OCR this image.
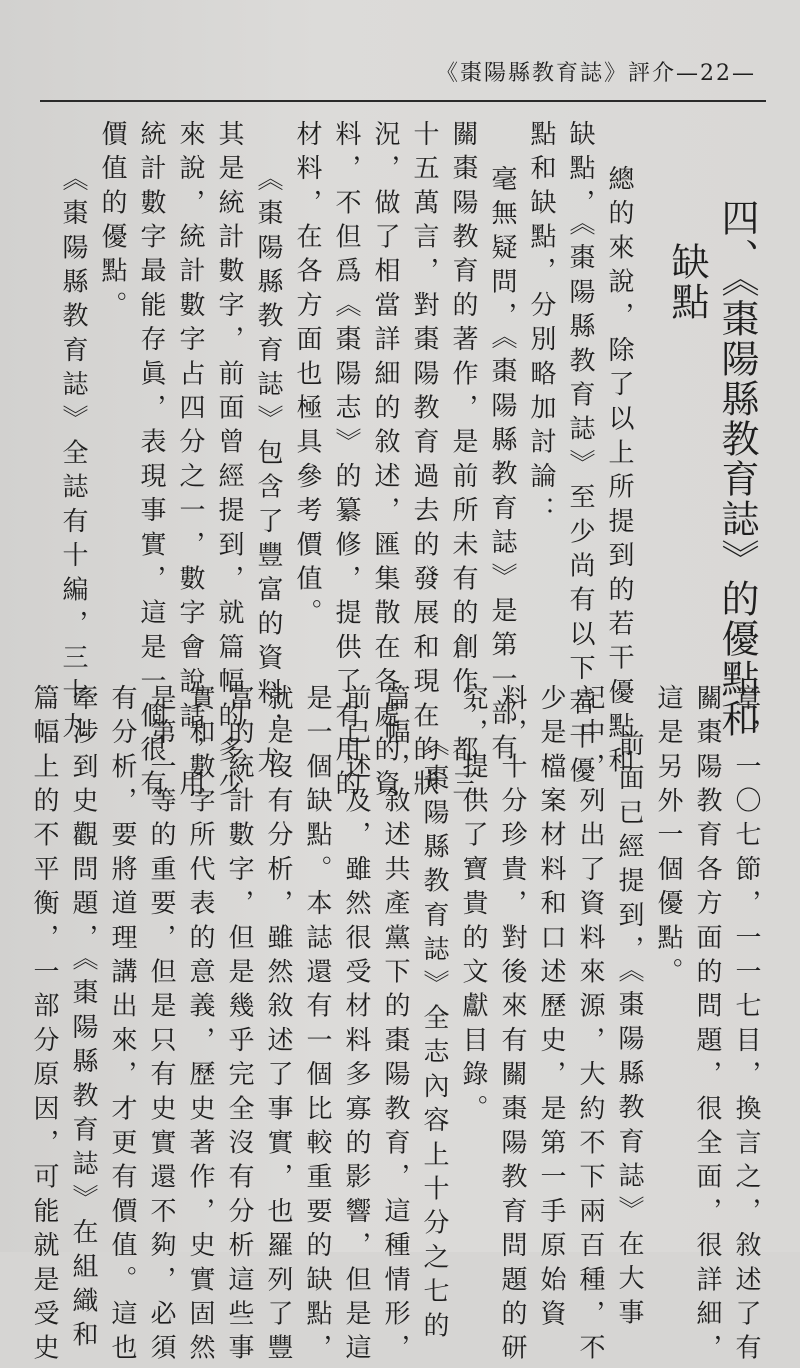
《棗陽縣教育誌》評介—22—
四、《棗陽縣教育誌》的優點和
缺點
總的來說，除了以上所提到的若干優點和
缺點，《棗陽縣教育誌》至少尚有以下若干優
點和缺點，分別略加討論：
毫無疑問，《棗陽縣教育誌》是第一部有
關棗陽教育的著作，是前所未有的創作，都三
十五萬言，對棗陽教育過去的發展和現在的狀
況，做了相當詳細的敘述，匯集散在各處的資
料，不但爲《棗陽志》的纂修，提供了有用的
材料，在各方面也極具參考價值。
《棗陽縣教育誌》包含了豐富的資料，尤
其是統計數字，前面曾經提到，就篇幅的多少
來說，統計數字占四分之一，數字會說話，用
統計數字最能存眞，表現事實，這是一個很有
價值的優點。
《棗陽縣教育誌》全誌有十編，三十九
章，一〇七節，一一七目，換言之，敘述了有
關棗陽教育各方面的問題，很全面，很詳細，
這是另外一個優點。
前面已經提到，《棗陽縣教育誌》在大事
記中，列出了資料來源，大約不下兩百種，不
少是檔案材料和口述歷史，是第一手原始資
料，十分珍貴，對後來有關棗陽教育問題的研
究，提供了寶貴的文獻目錄。
《棗陽縣教育誌》全志內容上十分之七的
篇幅，敘述共產黨下的棗陽教育，這種情形，
前已述及，雖然很受材料多寡的影響，但是這
是一個缺點。本誌還有一個比較重要的缺點，
就是沒有分析，雖然敘述了事實，也羅列了豐
富的統計數字，但是幾乎完全沒有分析這些事
實和數字所代表的意義，歷史著作，史實固然
是第一等的重要，但是只有史實還不夠，必須
有分析，要將道理講出來，才更有價值。這也
牽涉到史觀問題，《棗陽縣教育誌》在組織和
篇幅上的不平衡，一部分原因，可能就是受史
